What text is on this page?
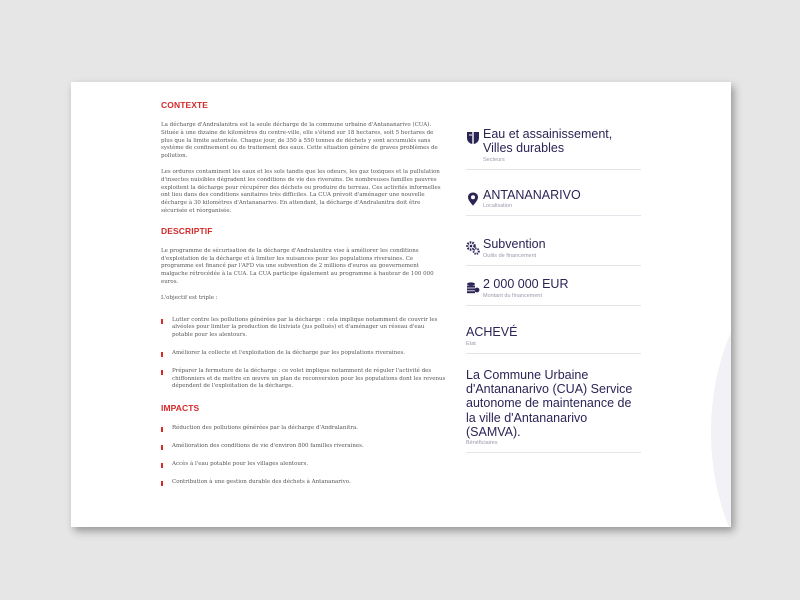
CONTEXTE

La décharge d'Andralanitra est la seule décharge de la commune urbaine d'Antananarivo (CUA). Située à une dizaine de kilomètres du centre-ville, elle s'étend sur 18 hectares, soit 5 hectares de plus que la limite autorisée. Chaque jour, de 350 à 550 tonnes de déchets y sont accumulés sans système de confinement ou de traitement des eaux. Cette situation génère de graves problèmes de pollution.

Les ordures contaminent les eaux et les sols tandis que les odeurs, les gaz toxiques et la pullulation d'insectes nuisibles dégradent les conditions de vie des riverains. De nombreuses familles pauvres exploitent la décharge pour récupérer des déchets ou produire du terreau. Ces activités informelles ont lieu dans des conditions sanitaires très difficiles. La CUA prévoit d'aménager une nouvelle décharge à 30 kilomètres d'Antananarivo. En attendant, la décharge d'Andralanitra doit être sécurisée et réorganisée.

DESCRIPTIF

Le programme de sécurisation de la décharge d'Andralanitra vise à améliorer les conditions d'exploitation de la décharge et à limiter les nuisances pour les populations riveraines. Ce programme est financé par l'AFD via une subvention de 2 millions d'euros au gouvernement malgache rétrocédée à la CUA. La CUA participe également au programme à hauteur de 100 000 euros.

L'objectif est triple :

Lutter contre les pollutions générées par la décharge : cela implique notamment de couvrir les alvéoles pour limiter la production de lixiviats (jus pollués) et d'aménager un réseau d'eau potable pour les alentours.
Améliorer la collecte et l'exploitation de la décharge par les populations riveraines.
Préparer la fermeture de la décharge : ce volet implique notamment de réguler l'activité des chiffonniers et de mettre en œuvre un plan de reconversion pour les populations dont les revenus dépendent de l'exploitation de la décharge.
IMPACTS
Réduction des pollutions générées par la décharge d'Andralanitra.
Amélioration des conditions de vie d'environ 800 familles riveraines.
Accès à l'eau potable pour les villages alentours.
Contribution à une gestion durable des déchets à Antananarivo.
Eau et assainissement, Villes durables
Secteurs
ANTANANARIVO
Localisation
Subvention
Outils de financement
2 000 000 EUR
Montant du financement
ACHEVÉ
Etat
La Commune Urbaine d'Antananarivo (CUA) Service autonome de maintenance de la ville d'Antananarivo (SAMVA).
Bénéficiaires
